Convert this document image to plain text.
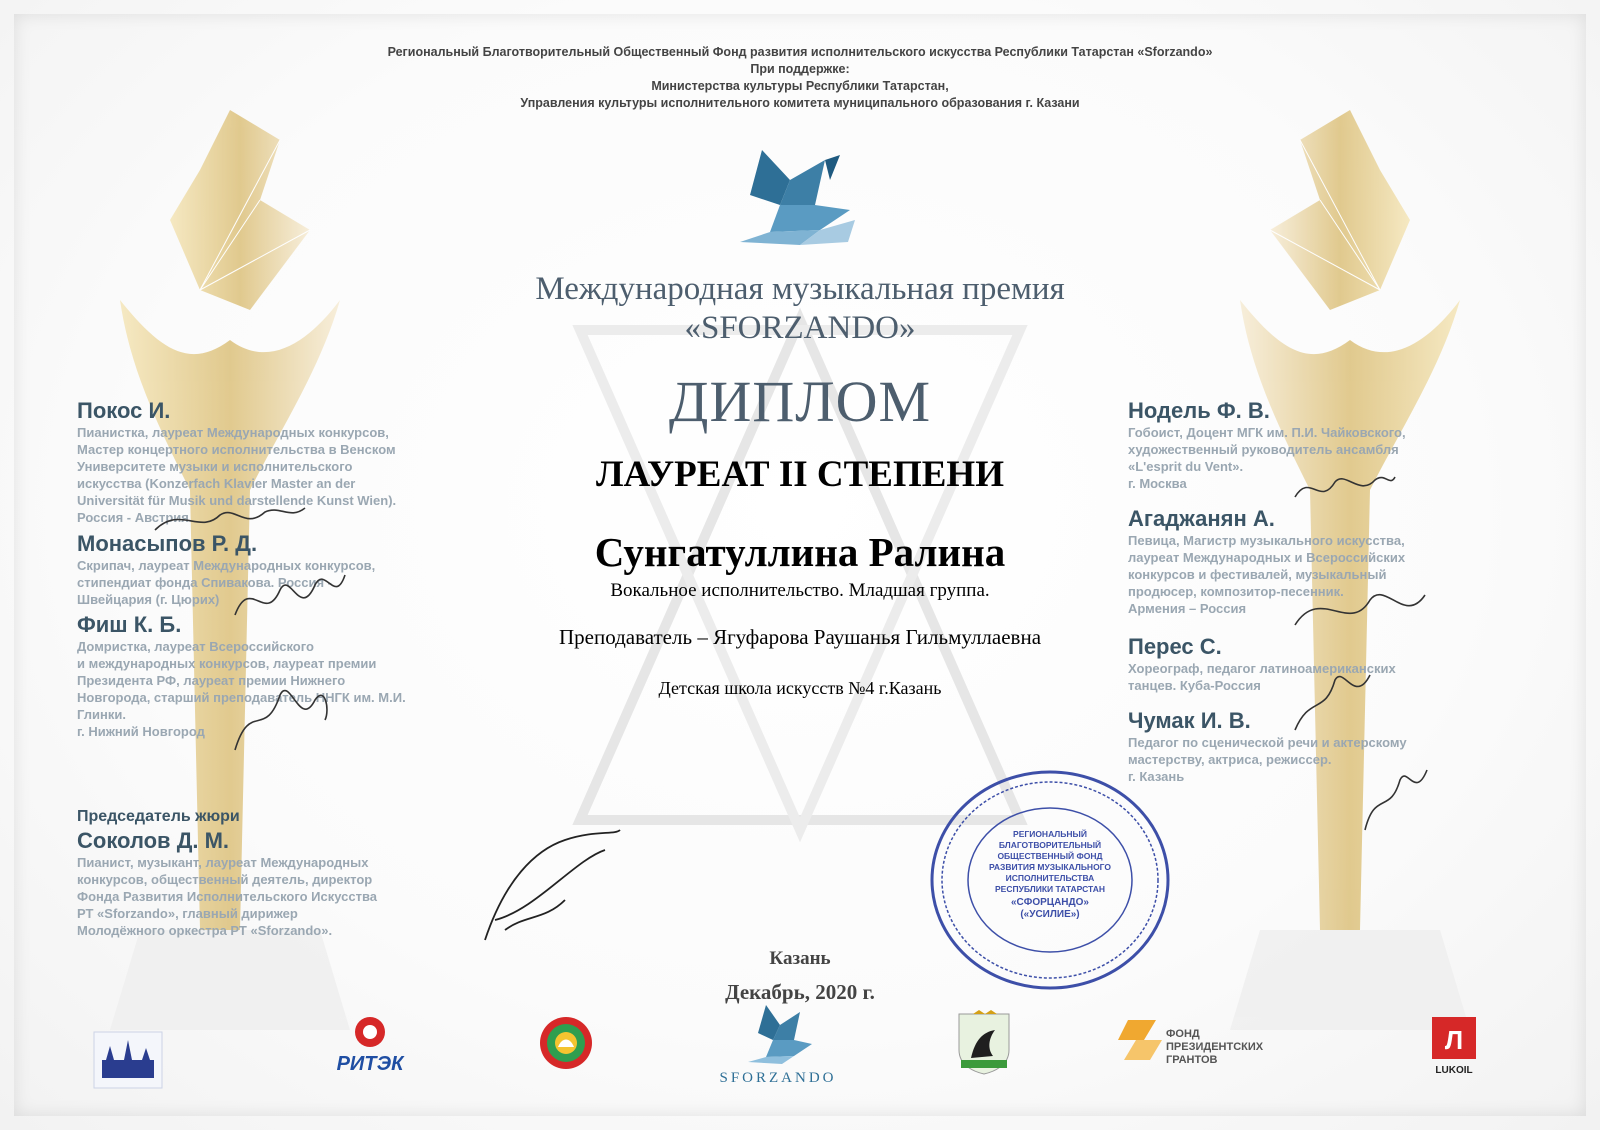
Региональный Благотворительный Общественный Фонд развития исполнительского искусства Республики Татарстан «Sforzando»
При поддержке:
Министерства культуры Республики Татарстан,
Управления культуры исполнительного комитета муниципального образования г. Казани
Международная музыкальная премия
«SFORZANDO»
ДИПЛОМ
ЛАУРЕАТ II СТЕПЕНИ
Сунгатуллина Ралина
Вокальное исполнительство. Младшая группа.
Преподаватель – Ягуфарова Раушанья Гильмуллаевна
Детская школа искусств №4 г.Казань
Покос И.
Пианистка, лауреат Международных конкурсов,
Мастер концертного исполнительства в Венском
Университете музыки и исполнительского
искусства (Konzerfach Klavier Master an der
Universität für Musik und darstellende Kunst Wien).
Россия - Австрия
Монасыпов Р. Д.
Скрипач, лауреат Международных конкурсов,
стипендиат фонда Спивакова. Россия -
Швейцария (г. Цюрих)
Фиш К. Б.
Домристка, лауреат Всероссийского
и международных конкурсов, лауреат премии
Президента РФ, лауреат премии Нижнего
Новгорода, старший преподаватель ННГК им. М.И.
Глинки.
г. Нижний Новгород
Председатель жюри
Соколов Д. М.
Пианист, музыкант, лауреат Международных
конкурсов, общественный деятель, директор
Фонда Развития Исполнительского Искусства
РТ «Sforzando», главный дирижер
Молодёжного оркестра РТ «Sforzando».
Нодель Ф. В.
Гобоист, Доцент МГК им. П.И. Чайковского,
художественный руководитель ансамбля
«L'esprit du Vent».
г. Москва
Агаджанян А.
Певица, Магистр музыкального искусства,
лауреат Международных и Всероссийских
конкурсов и фестивалей, музыкальный
продюсер, композитор-песенник.
Армения – Россия
Перес С.
Хореограф, педагог латиноамериканских
танцев. Куба-Россия
Чумак И. В.
Педагог по сценической речи и актерскому
мастерству, актриса, режиссер.
г. Казань
РЕГИОНАЛЬНЫЙ
БЛАГОТВОРИТЕЛЬНЫЙ
ОБЩЕСТВЕННЫЙ ФОНД
РАЗВИТИЯ МУЗЫКАЛЬНОГО
ИСПОЛНИТЕЛЬСТВА
РЕСПУБЛИКИ ТАТАРСТАН
«СФОРЦАНДО»
(«УСИЛИЕ»)
Казань
Декабрь, 2020 г.
РИТЭК
SFORZANDO
ФОНД
ПРЕЗИДЕНТСКИХ
ГРАНТОВ
Л
LUKOIL
